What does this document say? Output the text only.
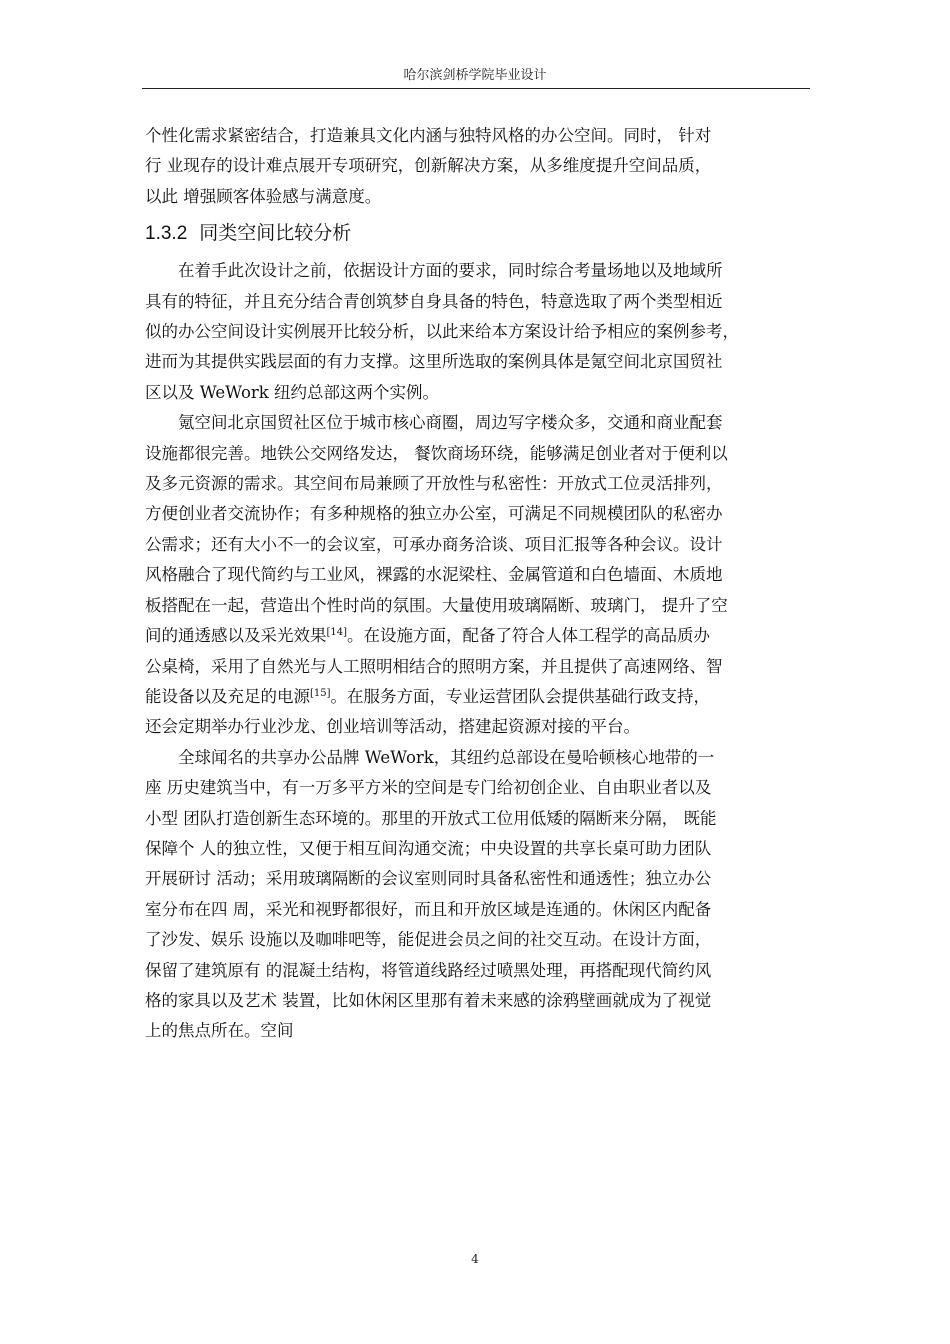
哈尔滨剑桥学院毕业设计

个性化需求紧密结合，打造兼具文化内涵与独特风格的办公空间。同时， 针对
行 业现存的设计难点展开专项研究，创新解决方案，从多维度提升空间品质，
以此 增强顾客体验感与满意度。

1.3.2 同类空间比较分析

　　在着手此次设计之前，依据设计方面的要求，同时综合考量场地以及地域所
具有的特征，并且充分结合青创筑梦自身具备的特色，特意选取了两个类型相近
似的办公空间设计实例展开比较分析，以此来给本方案设计给予相应的案例参考，
进而为其提供实践层面的有力支撑。这里所选取的案例具体是氪空间北京国贸社
区以及 WeWork 纽约总部这两个实例。

　　氪空间北京国贸社区位于城市核心商圈，周边写字楼众多，交通和商业配套
设施都很完善。地铁公交网络发达， 餐饮商场环绕，能够满足创业者对于便利以
及多元资源的需求。其空间布局兼顾了开放性与私密性：开放式工位灵活排列，
方便创业者交流协作；有多种规格的独立办公室，可满足不同规模团队的私密办
公需求；还有大小不一的会议室，可承办商务洽谈、项目汇报等各种会议。设计
风格融合了现代简约与工业风，裸露的水泥梁柱、金属管道和白色墙面、木质地
板搭配在一起，营造出个性时尚的氛围。大量使用玻璃隔断、玻璃门， 提升了空
间的通透感以及采光效果[14]。在设施方面，配备了符合人体工程学的高品质办
公桌椅，采用了自然光与人工照明相结合的照明方案，并且提供了高速网络、智
能设备以及充足的电源[15]。在服务方面，专业运营团队会提供基础行政支持，
还会定期举办行业沙龙、创业培训等活动，搭建起资源对接的平台。

　　全球闻名的共享办公品牌 WeWork，其纽约总部设在曼哈顿核心地带的一
座 历史建筑当中，有一万多平方米的空间是专门给初创企业、自由职业者以及
小型 团队打造创新生态环境的。那里的开放式工位用低矮的隔断来分隔， 既能
保障个 人的独立性，又便于相互间沟通交流；中央设置的共享长桌可助力团队
开展研讨 活动；采用玻璃隔断的会议室则同时具备私密性和通透性；独立办公
室分布在四 周，采光和视野都很好，而且和开放区域是连通的。休闲区内配备
了沙发、娱乐 设施以及咖啡吧等，能促进会员之间的社交互动。在设计方面，
保留了建筑原有 的混凝土结构，将管道线路经过喷黑处理，再搭配现代简约风
格的家具以及艺术 装置，比如休闲区里那有着未来感的涂鸦壁画就成为了视觉
上的焦点所在。空间

4
